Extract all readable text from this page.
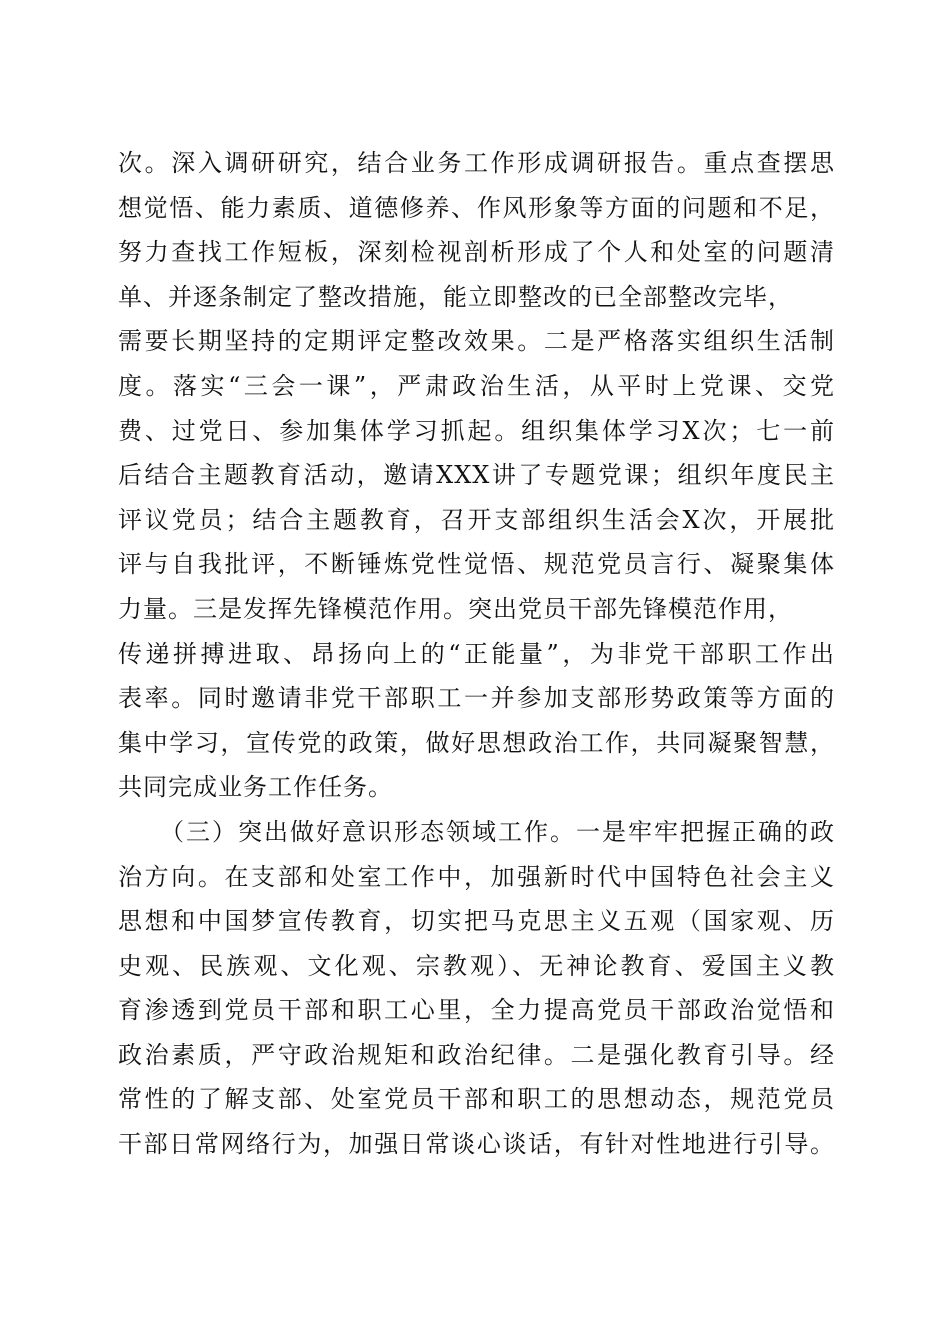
次。深入调研研究，结合业务工作形成调研报告。重点查摆思
想觉悟、能力素质、道德修养、作风形象等方面的问题和不足，
努力查找工作短板，深刻检视剖析形成了个人和处室的问题清
单、并逐条制定了整改措施，能立即整改的已全部整改完毕，
需要长期坚持的定期评定整改效果。二是严格落实组织生活制
度。落实“三会一课”，严肃政治生活，从平时上党课、交党
费、过党日、参加集体学习抓起。组织集体学习X次；七一前
后结合主题教育活动，邀请XXX讲了专题党课；组织年度民主
评议党员；结合主题教育，召开支部组织生活会X次，开展批
评与自我批评，不断锤炼党性觉悟、规范党员言行、凝聚集体
力量。三是发挥先锋模范作用。突出党员干部先锋模范作用，
传递拼搏进取、昂扬向上的“正能量”，为非党干部职工作出
表率。同时邀请非党干部职工一并参加支部形势政策等方面的
集中学习，宣传党的政策，做好思想政治工作，共同凝聚智慧，
共同完成业务工作任务。
（三）突出做好意识形态领域工作。一是牢牢把握正确的政
治方向。在支部和处室工作中，加强新时代中国特色社会主义
思想和中国梦宣传教育，切实把马克思主义五观（国家观、历
史观、民族观、文化观、宗教观）、无神论教育、爱国主义教
育渗透到党员干部和职工心里，全力提高党员干部政治觉悟和
政治素质，严守政治规矩和政治纪律。二是强化教育引导。经
常性的了解支部、处室党员干部和职工的思想动态，规范党员
干部日常网络行为，加强日常谈心谈话，有针对性地进行引导。
